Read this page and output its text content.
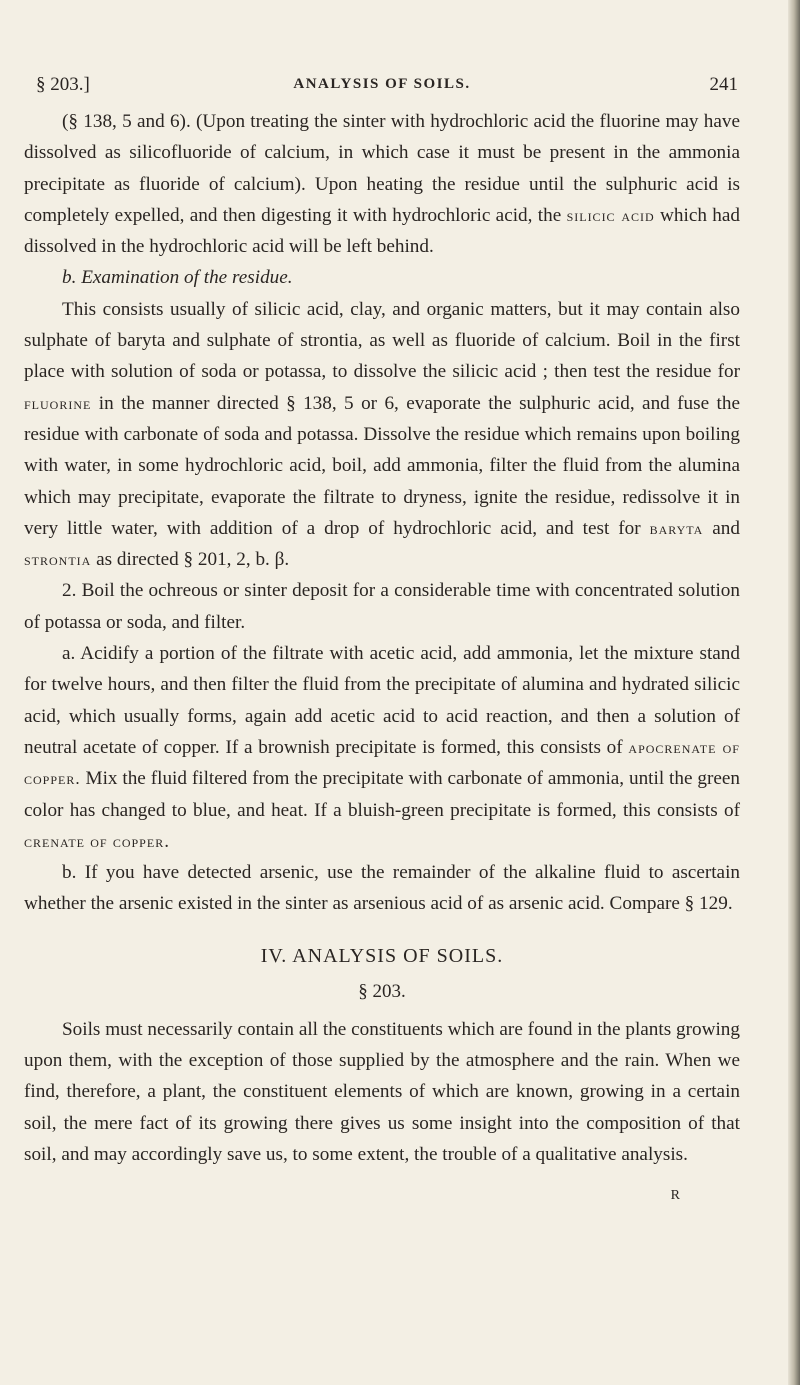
§ 203.]	ANALYSIS OF SOILS.	241

(§ 138, 5 and 6). (Upon treating the sinter with hydrochloric acid the fluorine may have dissolved as silicofluoride of calcium, in which case it must be present in the ammonia precipitate as fluoride of calcium). Upon heating the residue until the sulphuric acid is completely expelled, and then digesting it with hydrochloric acid, the silicic acid which had dissolved in the hydrochloric acid will be left behind.

b. Examination of the residue.

This consists usually of silicic acid, clay, and organic matters, but it may contain also sulphate of baryta and sulphate of strontia, as well as fluoride of calcium. Boil in the first place with solution of soda or potassa, to dissolve the silicic acid ; then test the residue for fluorine in the manner directed § 138, 5 or 6, evaporate the sulphuric acid, and fuse the residue with carbonate of soda and potassa. Dissolve the residue which remains upon boiling with water, in some hydrochloric acid, boil, add ammonia, filter the fluid from the alumina which may precipitate, evaporate the filtrate to dryness, ignite the residue, redissolve it in very little water, with addition of a drop of hydrochloric acid, and test for baryta and strontia as directed § 201, 2, b. β.

2. Boil the ochreous or sinter deposit for a considerable time with concentrated solution of potassa or soda, and filter.

a. Acidify a portion of the filtrate with acetic acid, add ammonia, let the mixture stand for twelve hours, and then filter the fluid from the precipitate of alumina and hydrated silicic acid, which usually forms, again add acetic acid to acid reaction, and then a solution of neutral acetate of copper. If a brownish precipitate is formed, this consists of apocrenate of copper. Mix the fluid filtered from the precipitate with carbonate of ammonia, until the green color has changed to blue, and heat. If a bluish-green precipitate is formed, this consists of crenate of copper.

b. If you have detected arsenic, use the remainder of the alkaline fluid to ascertain whether the arsenic existed in the sinter as arsenious acid of as arsenic acid. Compare § 129.

IV. ANALYSIS OF SOILS.
§ 203.

Soils must necessarily contain all the constituents which are found in the plants growing upon them, with the exception of those supplied by the atmosphere and the rain. When we find, therefore, a plant, the constituent elements of which are known, growing in a certain soil, the mere fact of its growing there gives us some insight into the composition of that soil, and may accordingly save us, to some extent, the trouble of a qualitative analysis.

R
